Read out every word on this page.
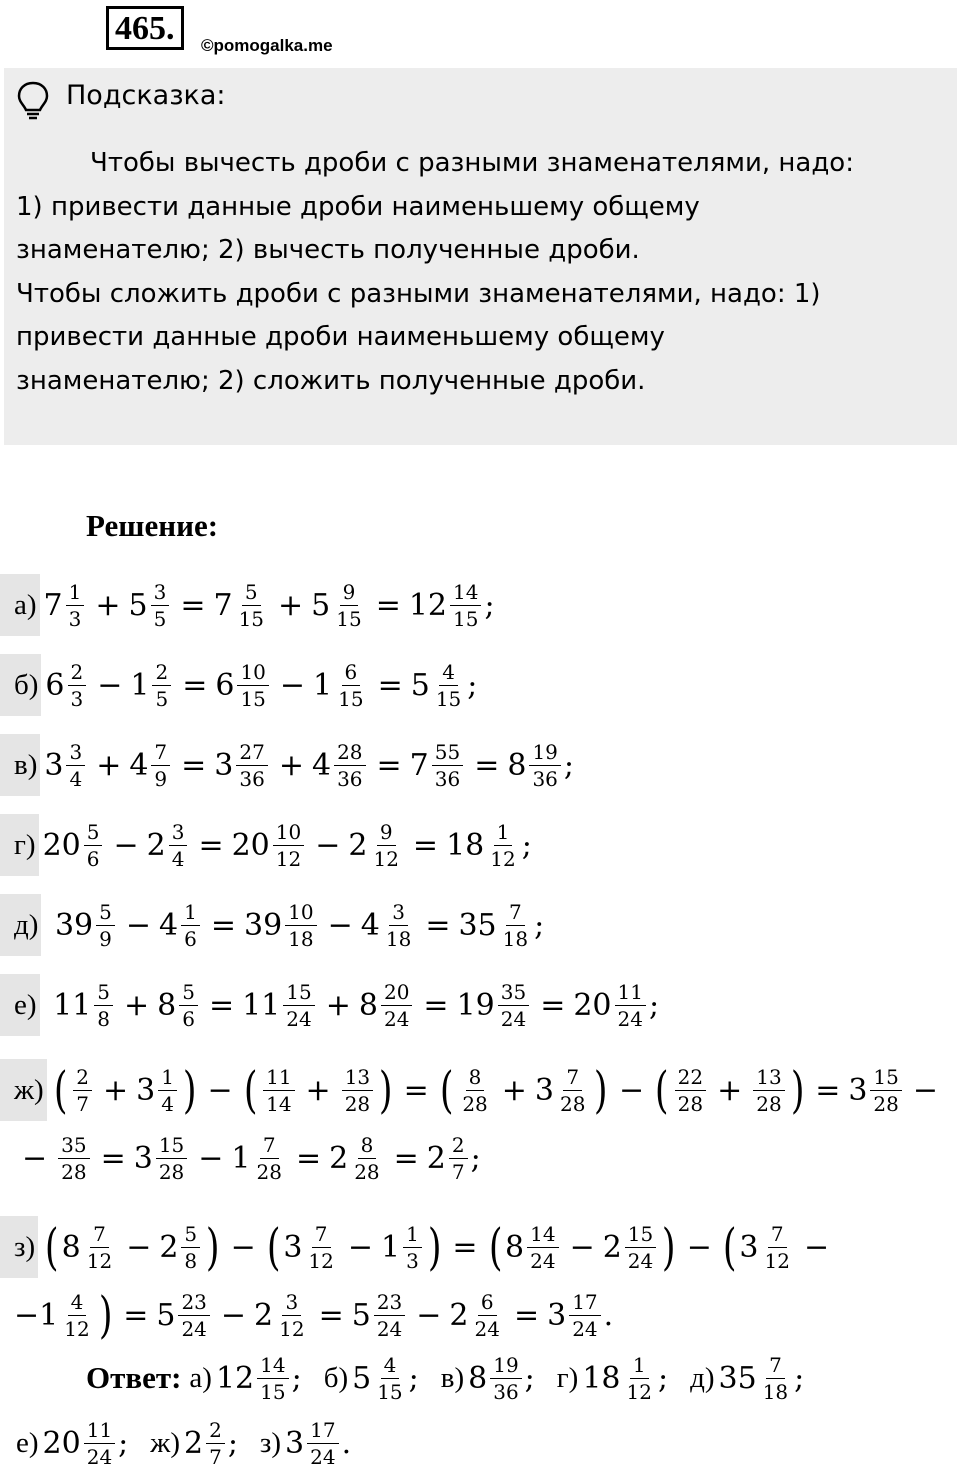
465.	©pomogalka.me
Подсказка:
Чтобы вычесть дроби с разными знаменателями, надо:
1) привести данные дроби наименьшему общему
знаменателю; 2) вычесть полученные дроби.
Чтобы сложить дроби с разными знаменателями, надо: 1)
привести данные дроби наименьшему общему
знаменателю; 2) сложить полученные дроби.
Решение:
а) $7 \frac{1}{3} + 5 \frac{3}{5} = 7 \frac{5}{15} + 5 \frac{9}{15} = 12 \frac{14}{15}$ ;
б) $6 \frac{2}{3} - 1 \frac{2}{5} = 6 \frac{10}{15} - 1 \frac{6}{15} = 5 \frac{4}{15}$ ;
в) $3 \frac{3}{4} + 4 \frac{7}{9} = 3 \frac{27}{36} + 4 \frac{28}{36} = 7 \frac{55}{36} = 8 \frac{19}{36}$ ;
г) $20 \frac{5}{6} - 2 \frac{3}{4} = 20 \frac{10}{12} - 2 \frac{9}{12} = 18 \frac{1}{12}$ ;
д) $39 \frac{5}{9} - 4 \frac{1}{6} = 39 \frac{10}{18} - 4 \frac{3}{18} = 35 \frac{7}{18}$ ;
е) $11 \frac{5}{8} + 8 \frac{5}{6} = 11 \frac{15}{24} + 8 \frac{20}{24} = 19 \frac{35}{24} = 20 \frac{11}{24}$ ;
ж) ( $\frac{2}{7} + 3 \frac{1}{4}$ ) − ( $\frac{11}{14} + \frac{13}{28}$ ) = ( $\frac{8}{28} + 3 \frac{7}{28}$ ) − ( $\frac{22}{28} + \frac{13}{28}$ ) = $3 \frac{15}{28}$ −
− $\frac{35}{28} = 3 \frac{15}{28} - 1 \frac{7}{28} = 2 \frac{8}{28} = 2 \frac{2}{7}$ ;
з) ( $8 \frac{7}{12} - 2 \frac{5}{8}$ ) − ( $3 \frac{7}{12} - 1 \frac{1}{3}$ ) = ( $8 \frac{14}{24} - 2 \frac{15}{24}$ ) − ( $3 \frac{7}{12}$ −
$-1 \frac{4}{12}$ ) = $5 \frac{23}{24} - 2 \frac{3}{12} = 5 \frac{23}{24} - 2 \frac{6}{24} = 3 \frac{17}{24}$ .
Ответ: а) $12 \frac{14}{15}$ ; б) $5 \frac{4}{15}$ ; в) $8 \frac{19}{36}$ ; г) $18 \frac{1}{12}$ ; д) $35 \frac{7}{18}$ ;
е) $20 \frac{11}{24}$ ; ж) $2 \frac{2}{7}$ ; з) $3 \frac{17}{24}$ .
